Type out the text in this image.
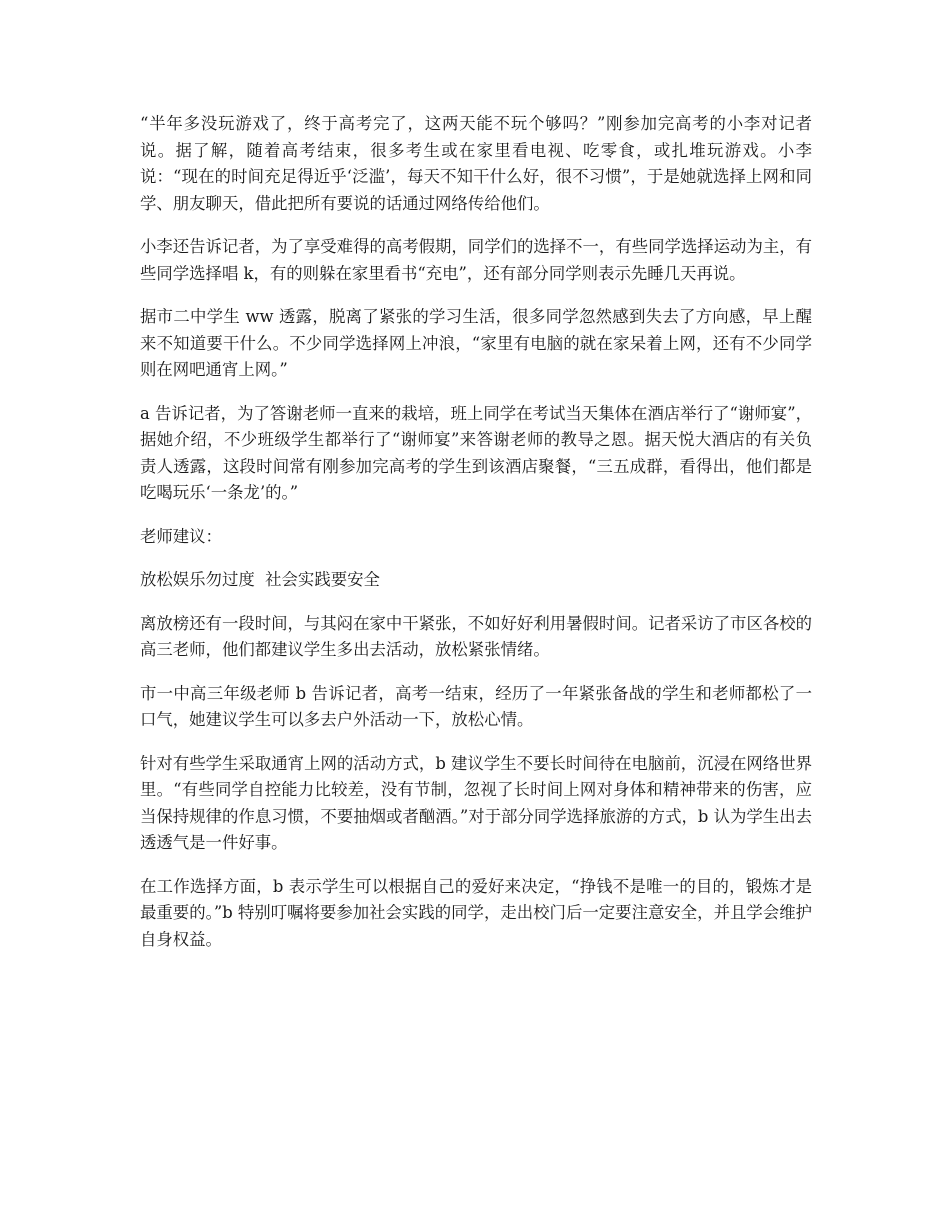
“半年多没玩游戏了，终于高考完了，这两天能不玩个够吗？”刚参加完高考的小李对记者说。据了解，随着高考结束，很多考生或在家里看电视、吃零食，或扎堆玩游戏。小李说：“现在的时间充足得近乎‘泛滥’，每天不知干什么好，很不习惯”，于是她就选择上网和同学、朋友聊天，借此把所有要说的话通过网络传给他们。

小李还告诉记者，为了享受难得的高考假期，同学们的选择不一，有些同学选择运动为主，有些同学选择唱 k，有的则躲在家里看书“充电”，还有部分同学则表示先睡几天再说。

据市二中学生 ww 透露，脱离了紧张的学习生活，很多同学忽然感到失去了方向感，早上醒来不知道要干什么。不少同学选择网上冲浪，“家里有电脑的就在家呆着上网，还有不少同学则在网吧通宵上网。”

a 告诉记者，为了答谢老师一直来的栽培，班上同学在考试当天集体在酒店举行了“谢师宴”，据她介绍，不少班级学生都举行了“谢师宴”来答谢老师的教导之恩。据天悦大酒店的有关负责人透露，这段时间常有刚参加完高考的学生到该酒店聚餐，“三五成群，看得出，他们都是吃喝玩乐‘一条龙’的。”

老师建议：

放松娱乐勿过度  社会实践要安全

离放榜还有一段时间，与其闷在家中干紧张，不如好好利用暑假时间。记者采访了市区各校的高三老师，他们都建议学生多出去活动，放松紧张情绪。

市一中高三年级老师 b 告诉记者，高考一结束，经历了一年紧张备战的学生和老师都松了一口气，她建议学生可以多去户外活动一下，放松心情。

针对有些学生采取通宵上网的活动方式，b 建议学生不要长时间待在电脑前，沉浸在网络世界里。“有些同学自控能力比较差，没有节制，忽视了长时间上网对身体和精神带来的伤害，应当保持规律的作息习惯，不要抽烟或者酗酒。”对于部分同学选择旅游的方式，b 认为学生出去透透气是一件好事。

在工作选择方面，b 表示学生可以根据自己的爱好来决定，“挣钱不是唯一的目的，锻炼才是最重要的。”b 特别叮嘱将要参加社会实践的同学，走出校门后一定要注意安全，并且学会维护自身权益。
